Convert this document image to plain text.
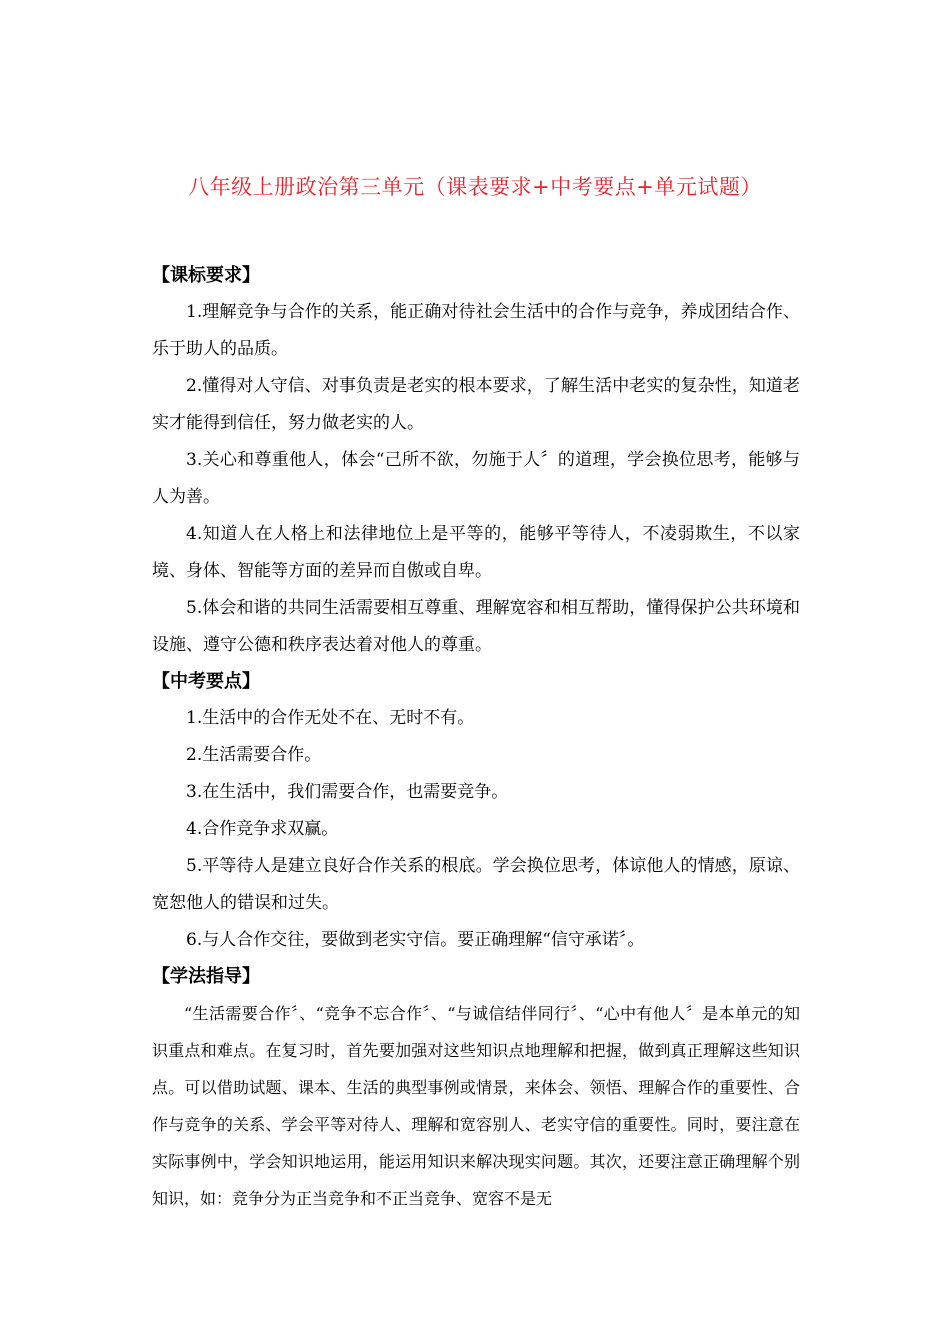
八年级上册政治第三单元（课表要求+中考要点+单元试题）
【课标要求】

1.理解竞争与合作的关系，能正确对待社会生活中的合作与竞争，养成团结合作、乐于助人的品质。

2.懂得对人守信、对事负责是老实的根本要求，了解生活中老实的复杂性，知道老实才能得到信任，努力做老实的人。

3.关心和尊重他人，体会“己所不欲，勿施于人〞的道理，学会换位思考，能够与人为善。

4.知道人在人格上和法律地位上是平等的，能够平等待人，不凌弱欺生，不以家境、身体、智能等方面的差异而自傲或自卑。

5.体会和谐的共同生活需要相互尊重、理解宽容和相互帮助，懂得保护公共环境和设施、遵守公德和秩序表达着对他人的尊重。

【中考要点】

1.生活中的合作无处不在、无时不有。

2.生活需要合作。

3.在生活中，我们需要合作，也需要竞争。

4.合作竞争求双赢。

5.平等待人是建立良好合作关系的根底。学会换位思考，体谅他人的情感，原谅、宽恕他人的错误和过失。

6.与人合作交往，要做到老实守信。要正确理解“信守承诺〞。

【学法指导】

“生活需要合作〞、“竞争不忘合作〞、“与诚信结伴同行〞、“心中有他人〞是本单元的知识重点和难点。在复习时，首先要加强对这些知识点地理解和把握，做到真正理解这些知识点。可以借助试题、课本、生活的典型事例或情景，来体会、领悟、理解合作的重要性、合作与竞争的关系、学会平等对待人、理解和宽容别人、老实守信的重要性。同时，要注意在实际事例中，学会知识地运用，能运用知识来解决现实问题。其次，还要注意正确理解个别知识，如：竞争分为正当竞争和不正当竞争、宽容不是无
